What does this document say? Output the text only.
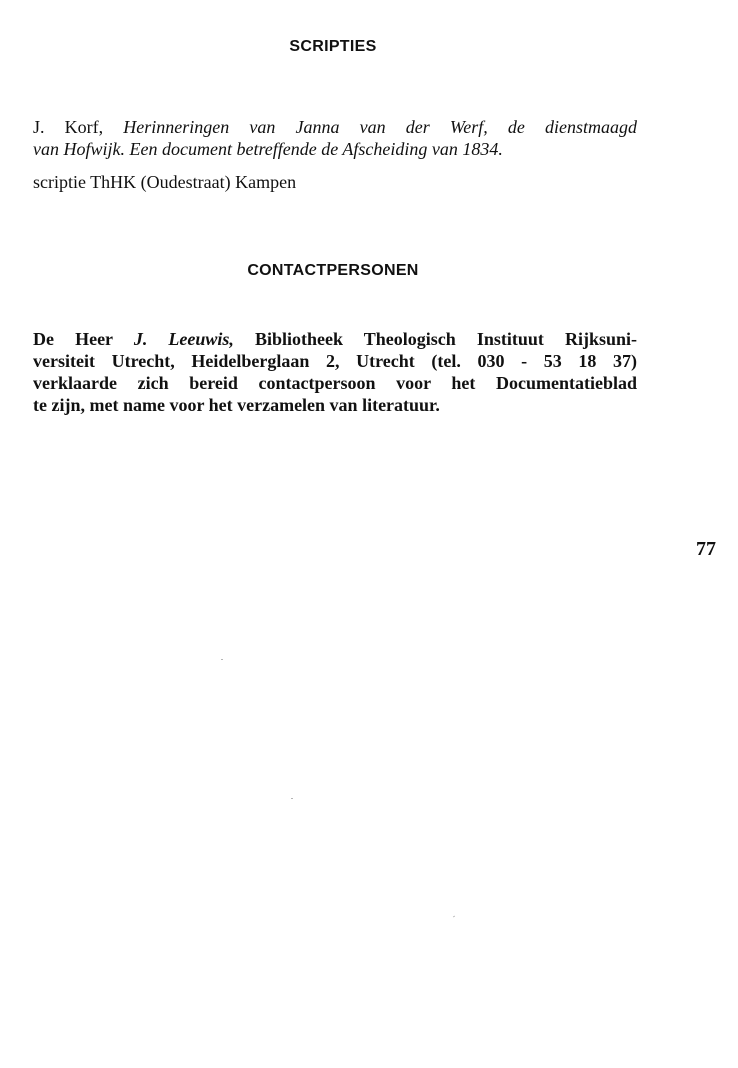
SCRIPTIES

J. Korf, Herinneringen van Janna van der Werf, de dienstmaagd
van Hofwijk. Een document betreffende de Afscheiding van 1834.

scriptie ThHK (Oudestraat) Kampen

CONTACTPERSONEN

De Heer J. Leeuwis, Bibliotheek Theologisch Instituut Rijksuni-
versiteit Utrecht, Heidelberglaan 2, Utrecht (tel. 030 - 53 18 37)
verklaarde zich bereid contactpersoon voor het Documentatieblad
te zijn, met name voor het verzamelen van literatuur.

77
